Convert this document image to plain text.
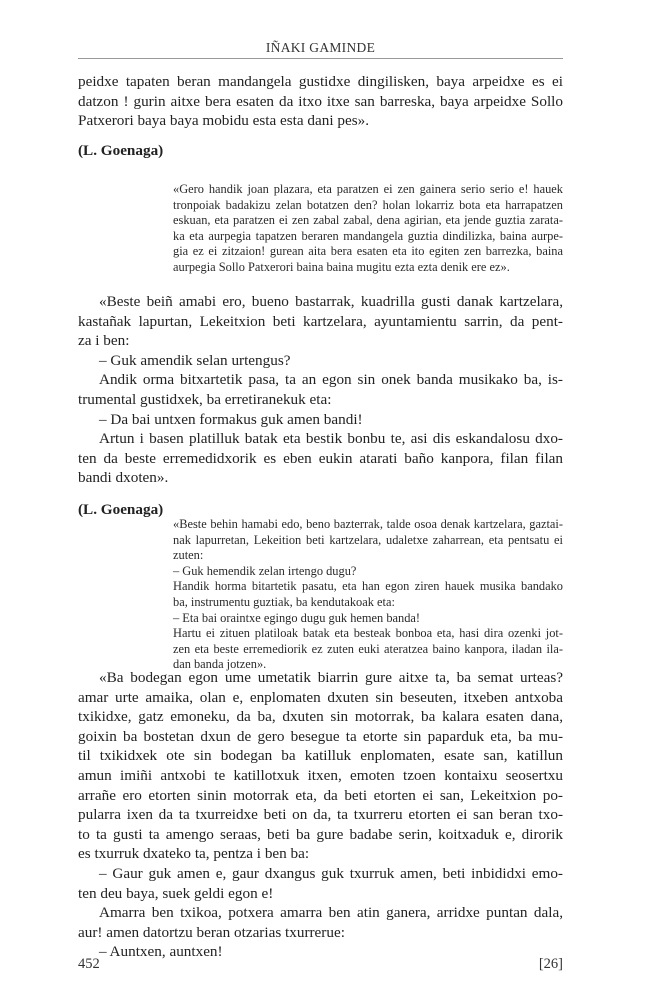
IÑAKI GAMINDE
peidxe tapaten beran mandangela gustidxe dingilisken, baya arpeidxe es ei
datzon ! gurin aitxe bera esaten da itxo itxe san barreska, baya arpeidxe Sollo
Patxerori baya baya mobidu esta esta dani pes».
(L. Goenaga)
«Gero handik joan plazara, eta paratzen ei zen gainera serio serio e! hauek
tronpoiak badakizu zelan botatzen den? holan lokarriz bota eta harrapatzen
eskuan, eta paratzen ei zen zabal zabal, dena agirian, eta jende guztia zarata-
ka eta aurpegia tapatzen beraren mandangela guztia dindilizka, baina aurpe-
gia ez ei zitzaion! gurean aita bera esaten eta ito egiten zen barrezka, baina
aurpegia Sollo Patxerori baina baina mugitu ezta ezta denik ere ez».
«Beste beiñ amabi ero, bueno bastarrak, kuadrilla gusti danak kartzelara,
kastañak lapurtan, Lekeitxion beti kartzelara, ayuntamientu sarrin, da pent-
za i ben:
– Guk amendik selan urtengus?
Andik orma bitxartetik pasa, ta an egon sin onek banda musikako ba, is-
trumental gustidxek, ba erretiranekuk eta:
– Da bai untxen formakus guk amen bandi!
Artun i basen platilluk batak eta bestik bonbu te, asi dis eskandalosu dxo-
ten da beste erremedidxorik es eben eukin atarati baño kanpora, filan filan
bandi dxoten».
(L. Goenaga)
«Beste behin hamabi edo, beno bazterrak, talde osoa denak kartzelara, gaztai-
nak lapurretan, Lekeition beti kartzelara, udaletxe zaharrean, eta pentsatu ei
zuten:
– Guk hemendik zelan irtengo dugu?
Handik horma bitartetik pasatu, eta han egon ziren hauek musika bandako
ba, instrumentu guztiak, ba kendutakoak eta:
– Eta bai oraintxe egingo dugu guk hemen banda!
Hartu ei zituen platiloak batak eta besteak bonboa eta, hasi dira ozenki jot-
zen eta beste erremediorik ez zuten euki ateratzea baino kanpora, iladan ila-
dan banda jotzen».
«Ba bodegan egon ume umetatik biarrin gure aitxe ta, ba semat urteas?
amar urte amaika, olan e, enplomaten dxuten sin beseuten, itxeben antxoba
txikidxe, gatz emoneku, da ba, dxuten sin motorrak, ba kalara esaten dana,
goixin ba bostetan dxun de gero besegue ta etorte sin paparduk eta, ba mu-
til txikidxek ote sin bodegan ba katilluk enplomaten, esate san, katillun
amun imiñi antxobi te katillotxuk itxen, emoten tzoen kontaixu seosertxu
arrañe ero etorten sinin motorrak eta, da beti etorten ei san, Lekeitxion po-
pularra ixen da ta txurreidxe beti on da, ta txurreru etorten ei san beran txo-
to ta gusti ta amengo seraas, beti ba gure badabe serin, koitxaduk e, dirorik
es txurruk dxateko ta, pentza i ben ba:
– Gaur guk amen e, gaur dxangus guk txurruk amen, beti inbididxi emo-
ten deu baya, suek geldi egon e!
Amarra ben txikoa, potxera amarra ben atin ganera, arridxe puntan dala,
aur! amen datortzu beran otzarias txurrerue:
– Auntxen, auntxen!
452	[26]
